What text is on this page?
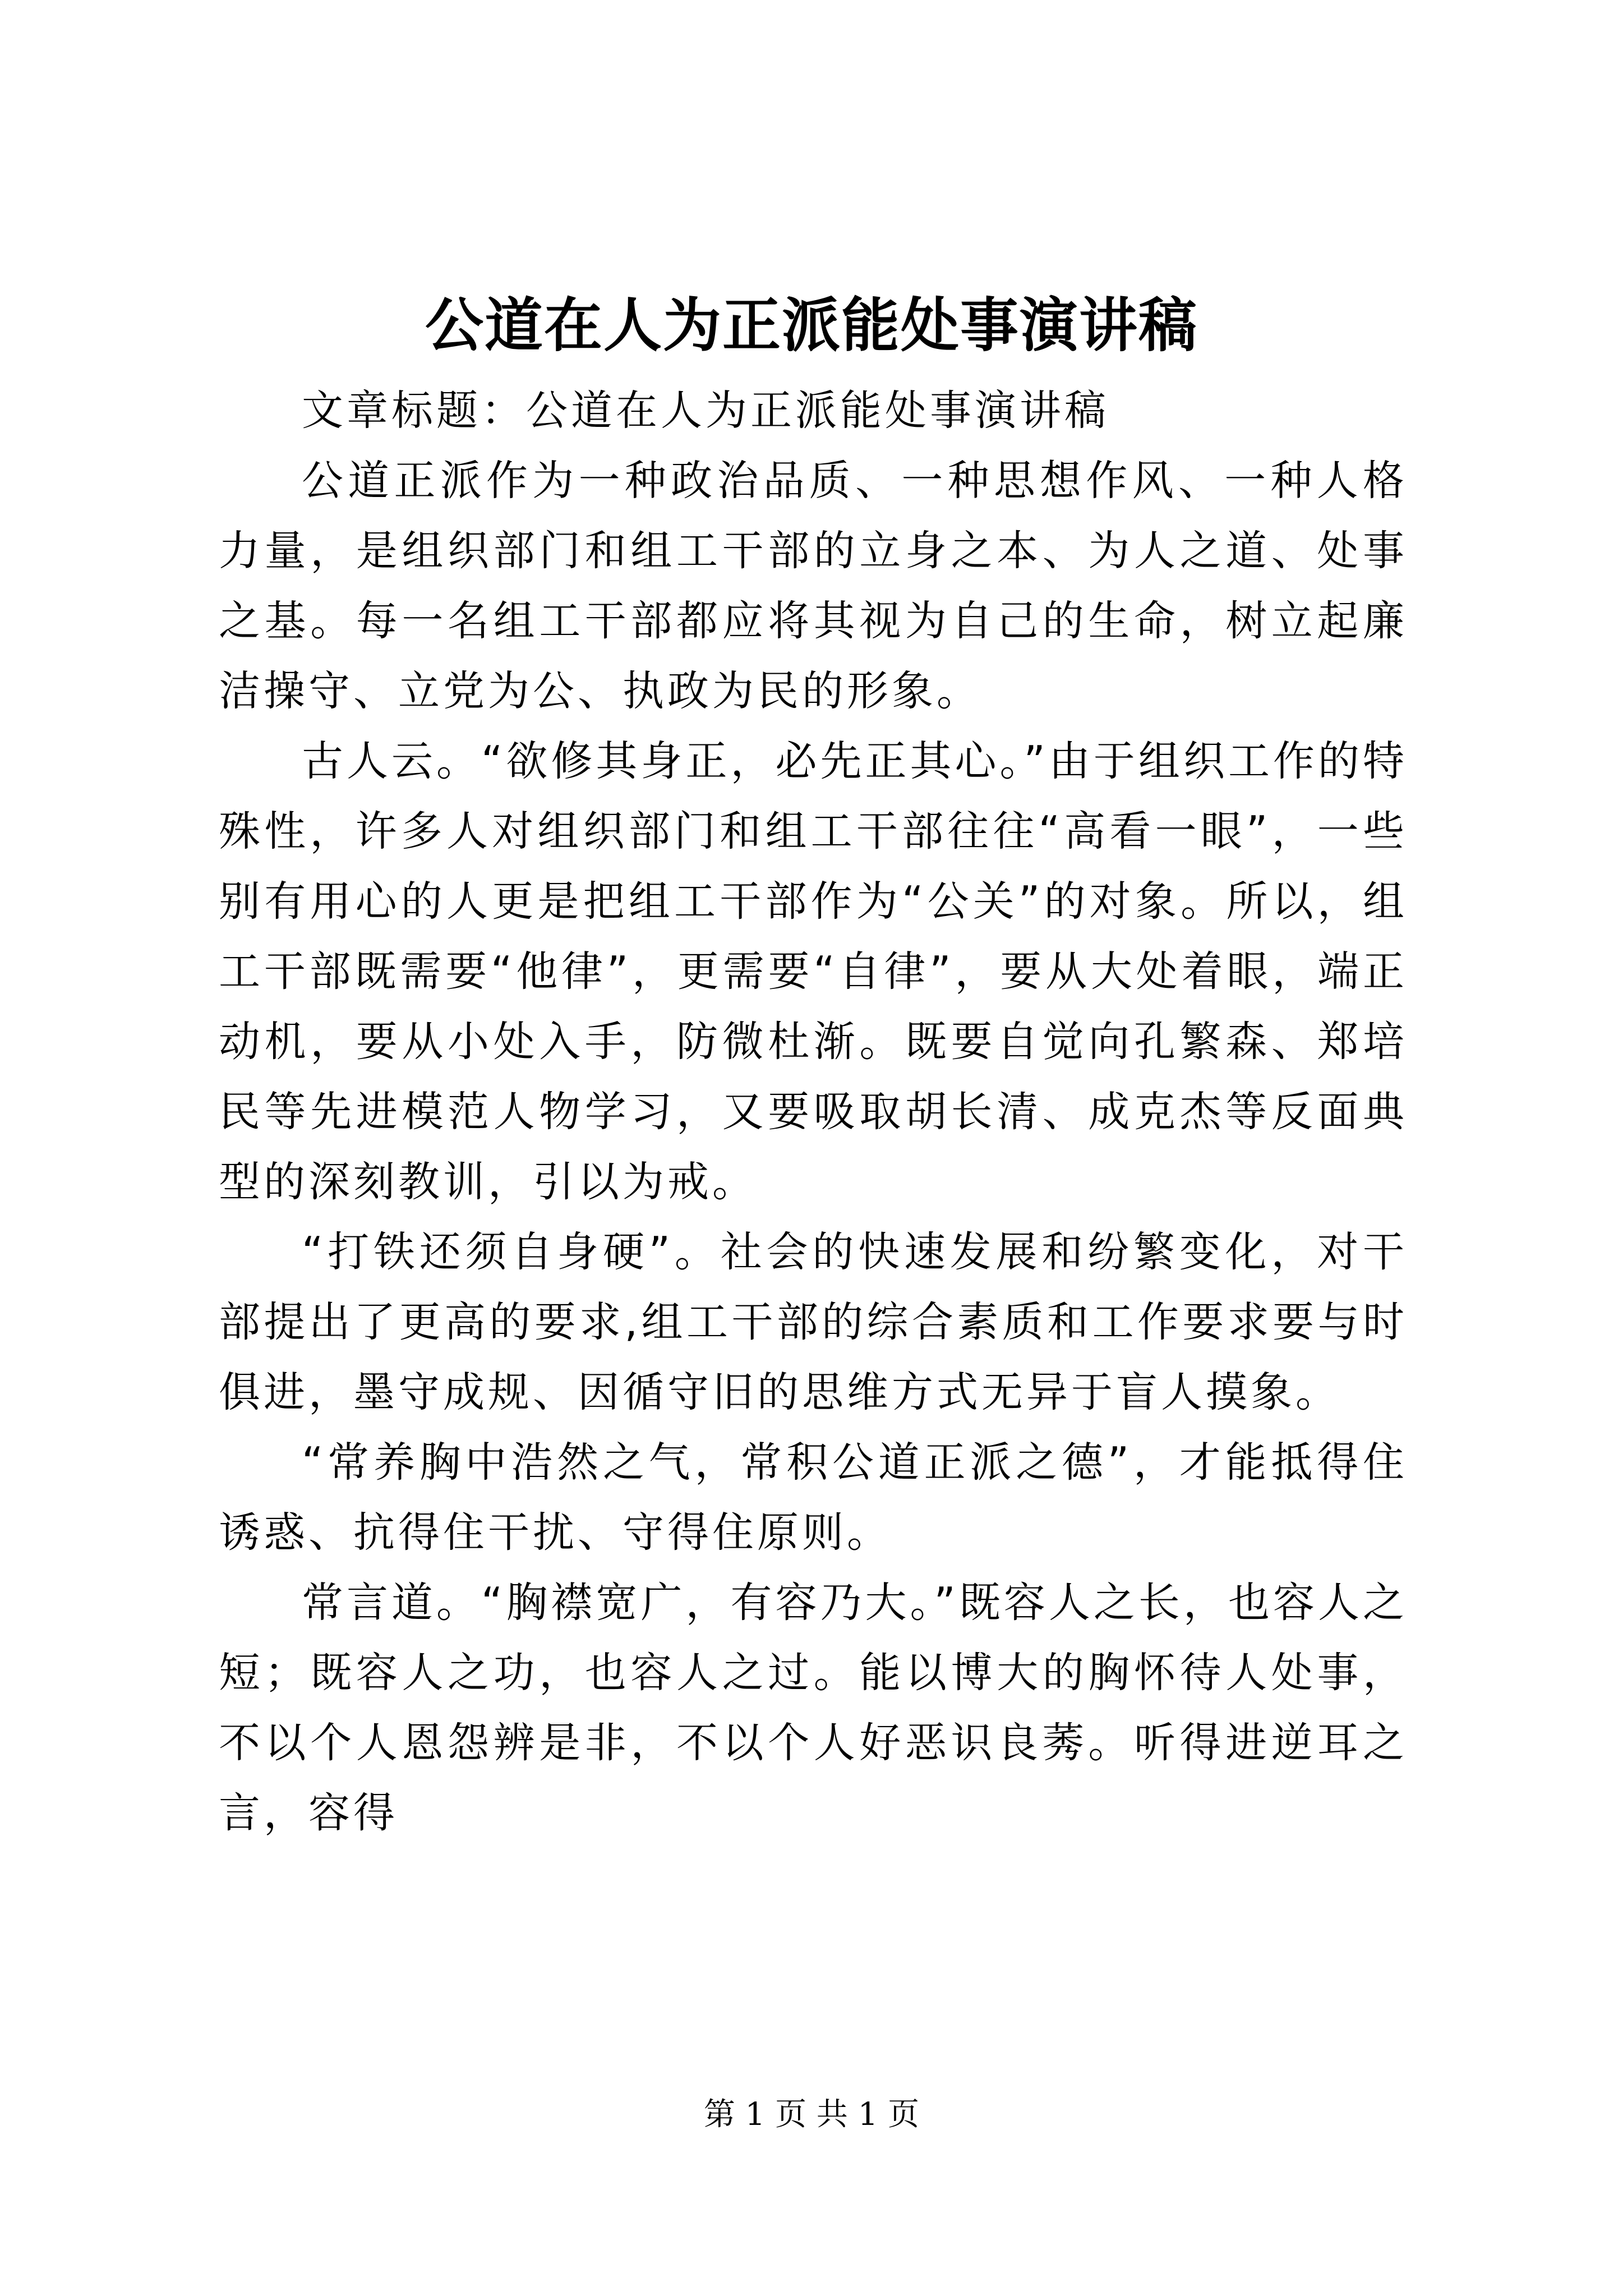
公道在人为正派能处事演讲稿

文章标题：公道在人为正派能处事演讲稿

公道正派作为一种政治品质、一种思想作风、一种人格力量，是组织部门和组工干部的立身之本、为人之道、处事之基。每一名组工干部都应将其视为自己的生命，树立起廉洁操守、立党为公、执政为民的形象。

古人云。“欲修其身正，必先正其心。”由于组织工作的特殊性，许多人对组织部门和组工干部往往“高看一眼”，一些别有用心的人更是把组工干部作为“公关”的对象。所以，组工干部既需要“他律”，更需要“自律”，要从大处着眼，端正动机，要从小处入手，防微杜渐。既要自觉向孔繁森、郑培民等先进模范人物学习，又要吸取胡长清、成克杰等反面典型的深刻教训，引以为戒。

“打铁还须自身硬”。社会的快速发展和纷繁变化，对干部提出了更高的要求,组工干部的综合素质和工作要求要与时俱进，墨守成规、因循守旧的思维方式无异于盲人摸象。

“常养胸中浩然之气，常积公道正派之德”，才能抵得住诱惑、抗得住干扰、守得住原则。

常言道。“胸襟宽广，有容乃大。”既容人之长，也容人之短；既容人之功，也容人之过。能以博大的胸怀待人处事，不以个人恩怨辨是非，不以个人好恶识良莠。听得进逆耳之言，容得

第 1 页 共 1 页
